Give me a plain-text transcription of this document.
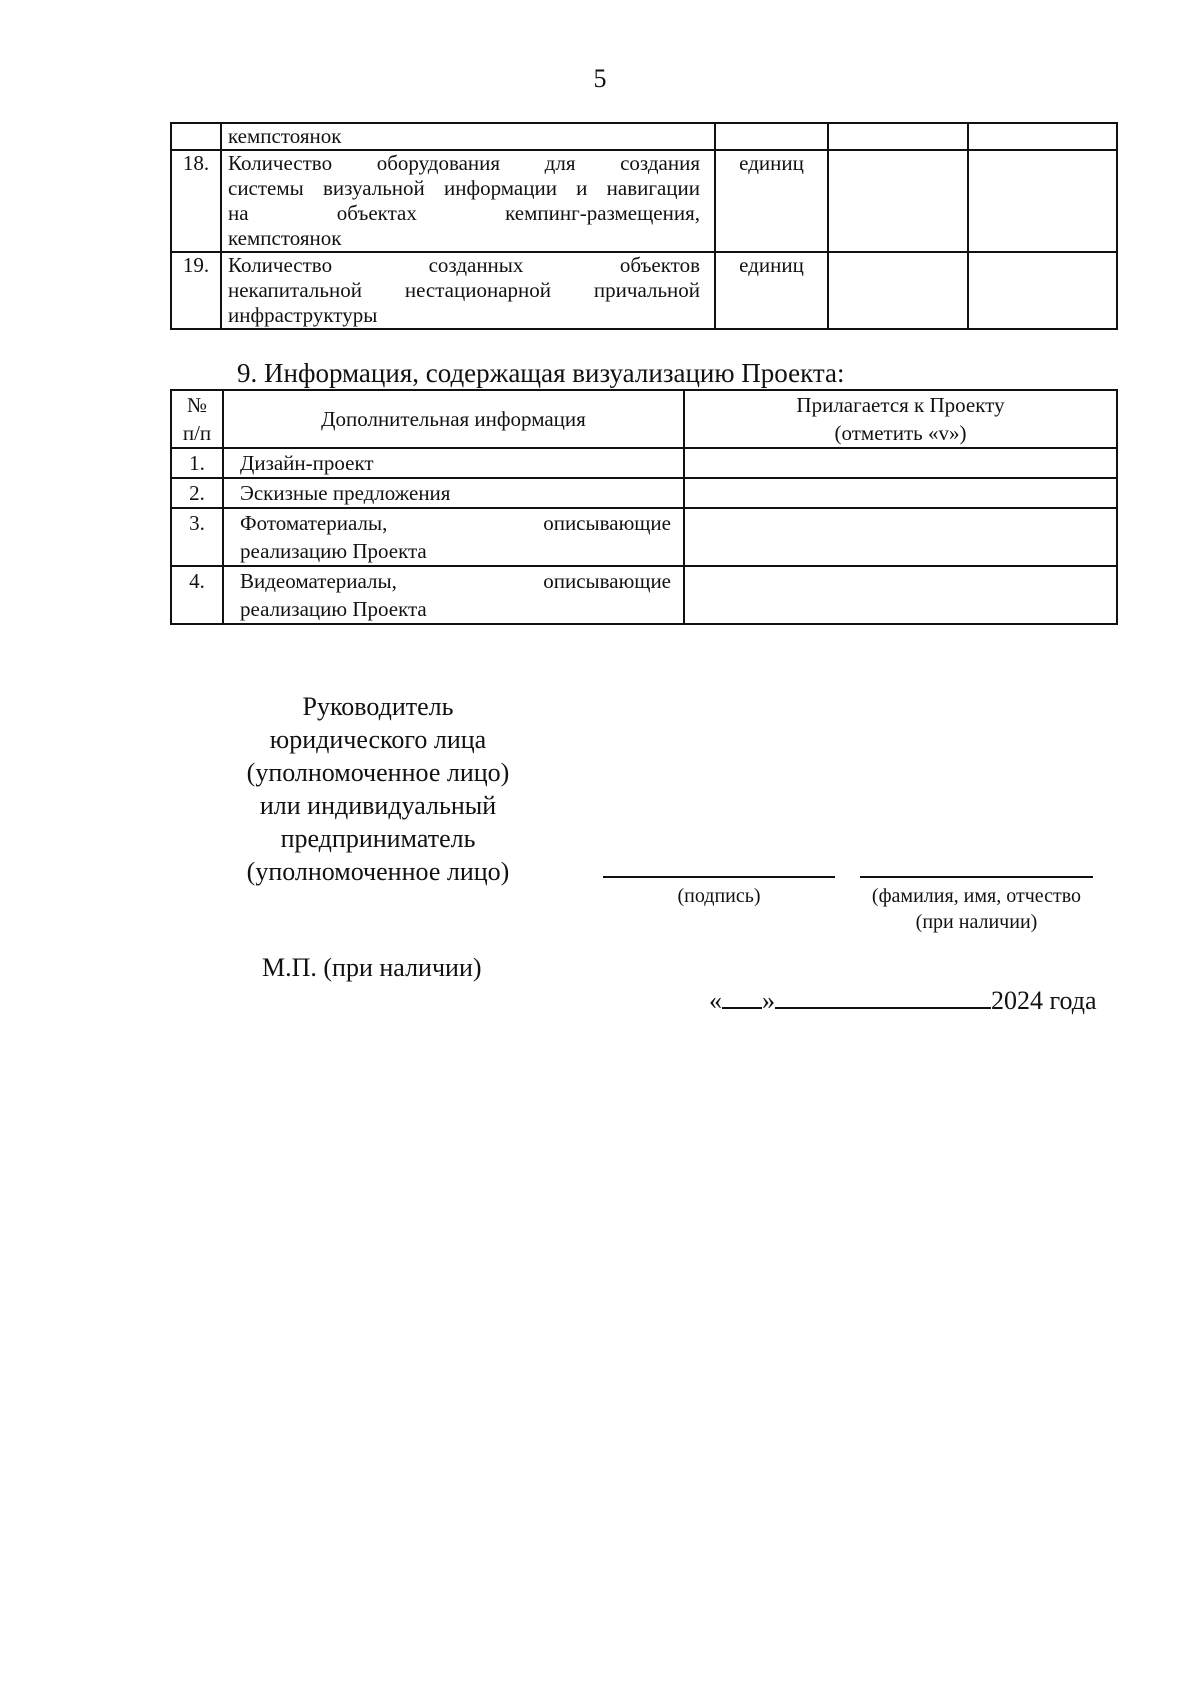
5

	кемпстоянок			

18.	Количество оборудования для создания
системы визуальной информации и навигации
на объектах кемпинг-размещения,
кемпстоянок	единиц		
19.	Количество созданных объектов
некапитальной нестационарной причальной
инфраструктуры	единиц		
9. Информация, содержащая визуализацию Проекта:
№
п/п	Дополнительная информация	Прилагается к Проекту
(отметить «v»)

1.	Дизайн-проект	

2.	Эскизные предложения	

3.	Фотоматериалы, описывающие
реализацию Проекта	

4.	Видеоматериалы, описывающие
реализацию Проекта	

Руководитель
юридического лица
(уполномоченное лицо)
или индивидуальный
предприниматель
(уполномоченное лицо)
(подпись)	(фамилия, имя, отчество
(при наличии)
М.П. (при наличии)
« »	2024 года
